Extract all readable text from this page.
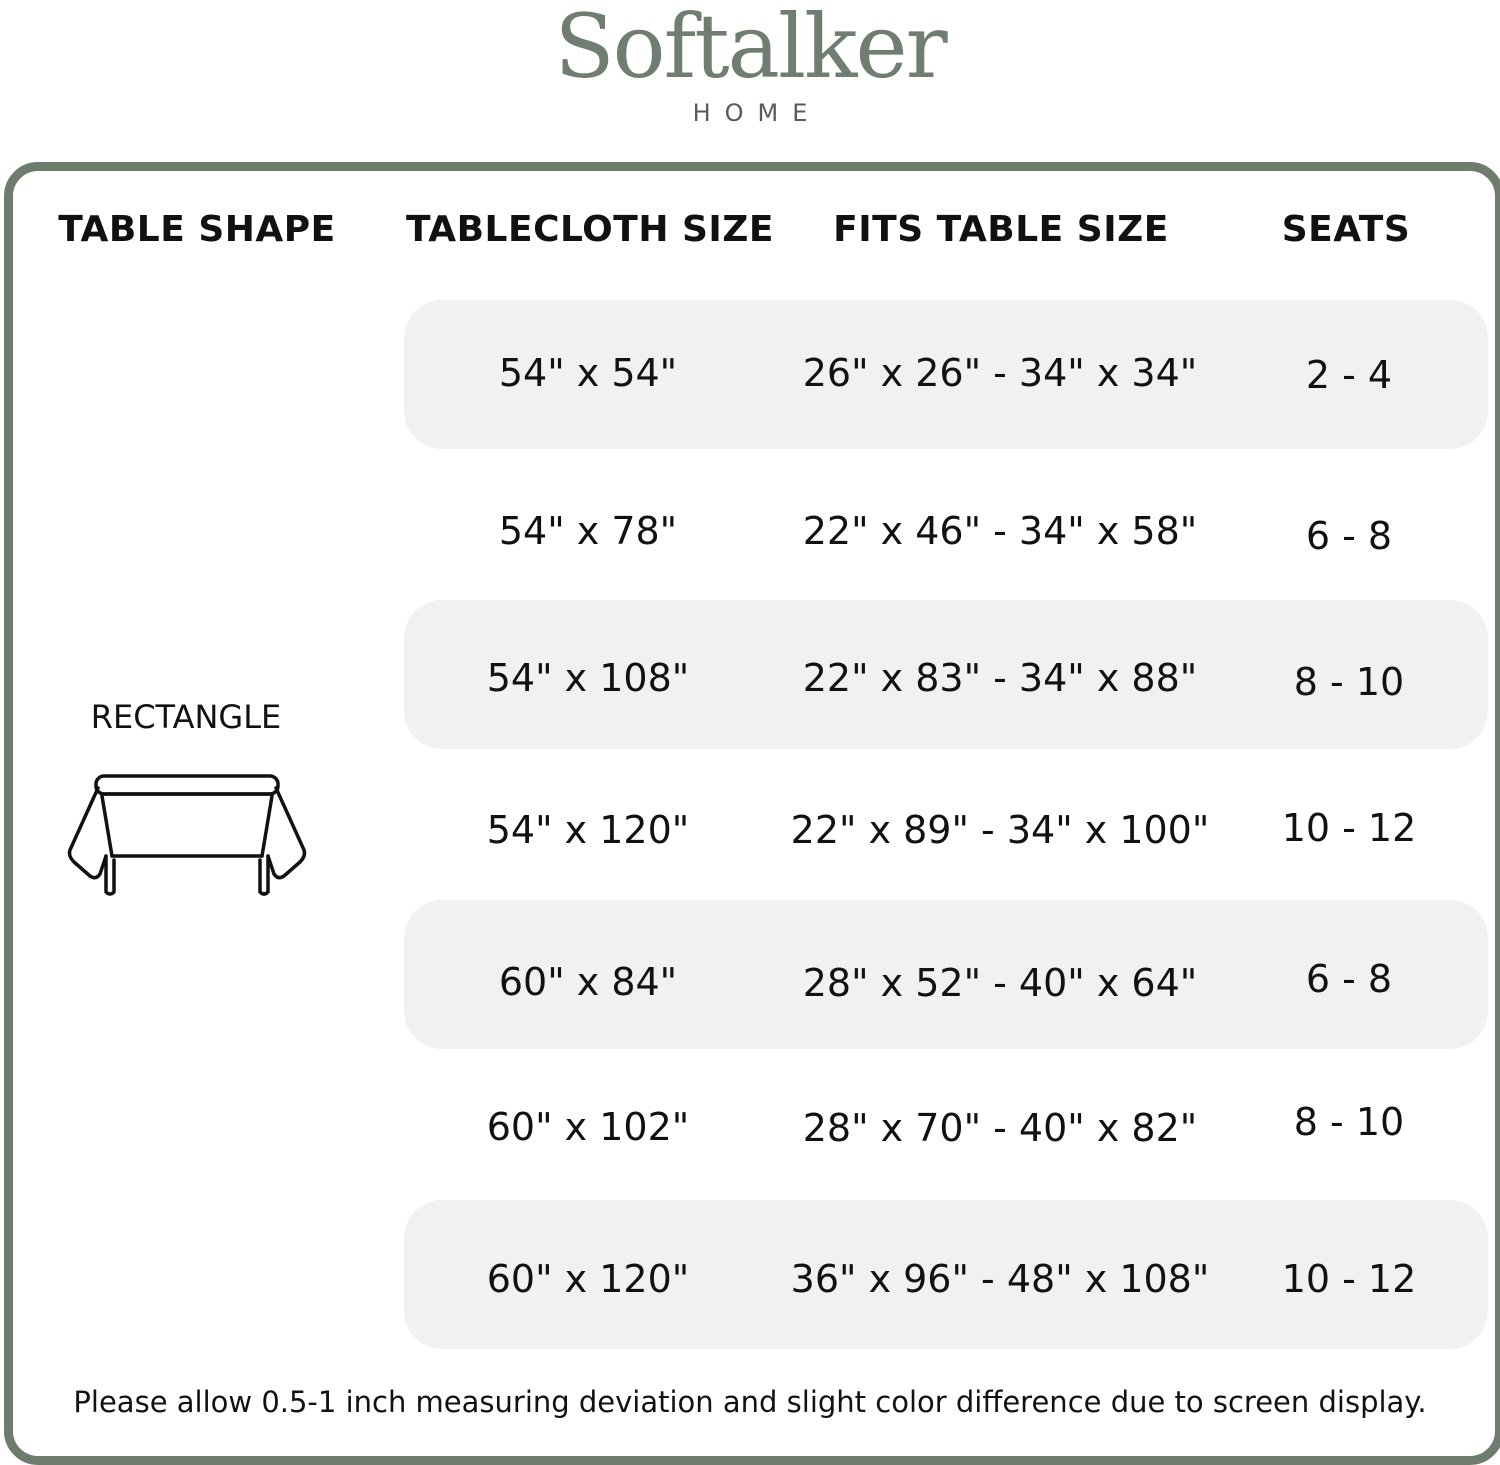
Softalker
HOME
TABLE SHAPE	TABLECLOTH SIZE	FITS TABLE SIZE	SEATS
54" x 54"	26" x 26" - 34" x 34"	2 - 4
54" x 78"	22" x 46" - 34" x 58"	6 - 8
54" x 108"	22" x 83" - 34" x 88"	8 - 10
54" x 120"	22" x 89" - 34" x 100"	10 - 12
60" x 84"	28" x 52" - 40" x 64"	6 - 8
60" x 102"	28" x 70" - 40" x 82"	8 - 10
60" x 120"	36" x 96" - 48" x 108"	10 - 12
RECTANGLE
Please allow 0.5-1 inch measuring deviation and slight color difference due to screen display.
